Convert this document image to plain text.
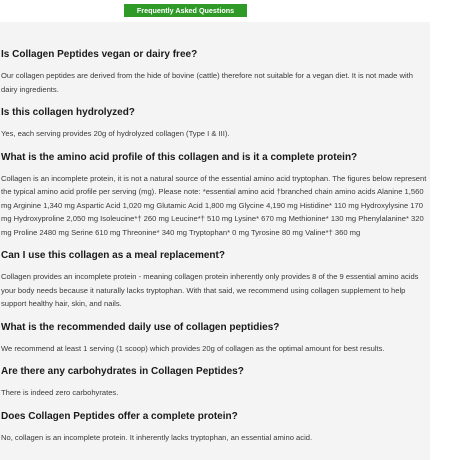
Frequently Asked Questions
Is Collagen Peptides vegan or dairy free?

Our collagen peptides are derived from the hide of bovine (cattle) therefore not suitable for a vegan diet. It is not made with dairy ingredients.

Is this collagen hydrolyzed?

Yes, each serving provides 20g of hydrolyzed collagen (Type I & III).

What is the amino acid profile of this collagen and is it a complete protein?

Collagen is an incomplete protein, it is not a natural source of the essential amino acid tryptophan. The figures below represent the typical amino acid profile per serving (mg). Please note: *essential amino acid †branched chain amino acids Alanine 1,560 mg Arginine 1,340 mg Aspartic Acid 1,020 mg Glutamic Acid 1,800 mg Glycine 4,190 mg Histidine* 110 mg Hydroxylysine 170 mg Hydroxyproline 2,050 mg Isoleucine*† 260 mg Leucine*† 510 mg Lysine* 670 mg Methionine* 130 mg Phenylalanine* 320 mg Proline 2480 mg Serine 610 mg Threonine* 340 mg Tryptophan* 0 mg Tyrosine 80 mg Valine*† 360 mg

Can I use this collagen as a meal replacement?

Collagen provides an incomplete protein - meaning collagen protein inherently only provides 8 of the 9 essential amino acids your body needs because it naturally lacks tryptophan. With that said, we recommend using collagen supplement to help support healthy hair, skin, and nails.

What is the recommended daily use of collagen peptidies?

We recommend at least 1 serving (1 scoop) which provides 20g of collagen as the optimal amount for best results.

Are there any carbohydrates in Collagen Peptides?

There is indeed zero carbohyrates.

Does Collagen Peptides offer a complete protein?

No, collagen is an incomplete protein. It inherently lacks tryptophan, an essential amino acid.
